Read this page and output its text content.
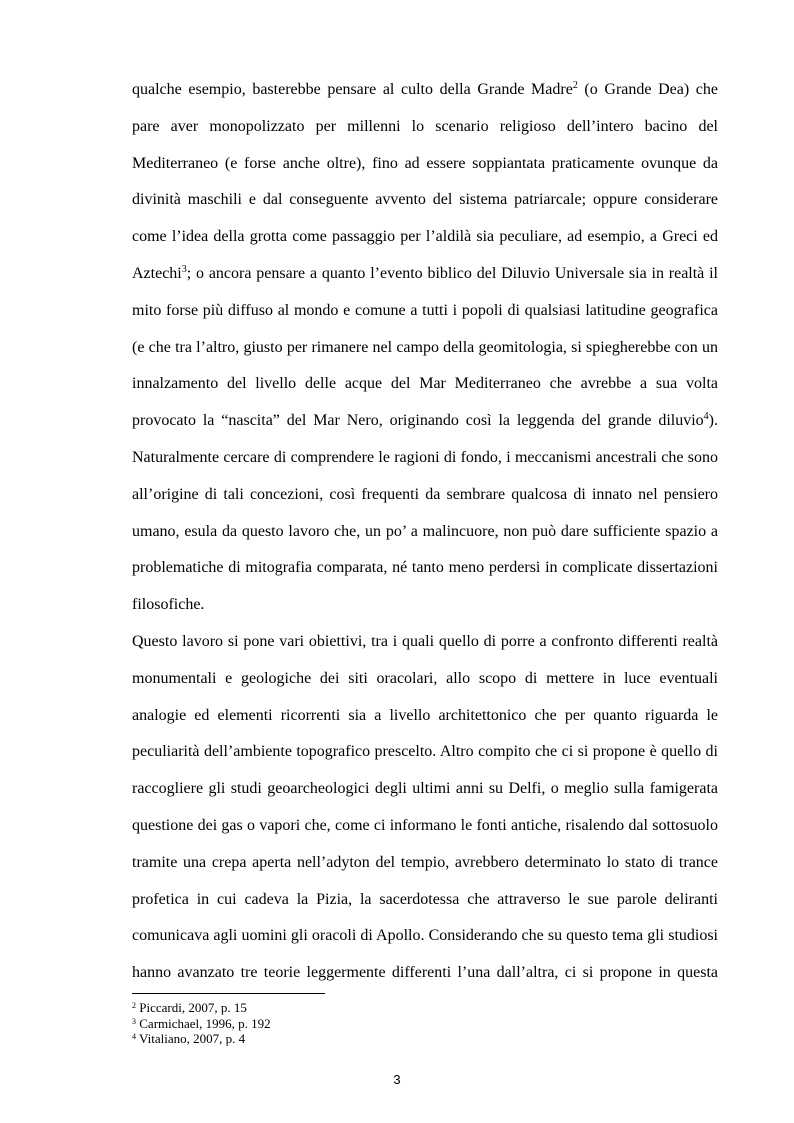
qualche esempio, basterebbe pensare al culto della Grande Madre$^2$ (o Grande Dea) che
pare aver monopolizzato per millenni lo scenario religioso dell’intero bacino del
Mediterraneo (e forse anche oltre), fino ad essere soppiantata praticamente ovunque da
divinità maschili e dal conseguente avvento del sistema patriarcale; oppure considerare
come l’idea della grotta come passaggio per l’aldilà sia peculiare, ad esempio, a Greci ed
Aztechi$^3$; o ancora pensare a quanto l’evento biblico del Diluvio Universale sia in realtà il
mito forse più diffuso al mondo e comune a tutti i popoli di qualsiasi latitudine geografica
(e che tra l’altro, giusto per rimanere nel campo della geomitologia, si spiegherebbe con un
innalzamento del livello delle acque del Mar Mediterraneo che avrebbe a sua volta
provocato la “nascita” del Mar Nero, originando così la leggenda del grande diluvio$^4$).
Naturalmente cercare di comprendere le ragioni di fondo, i meccanismi ancestrali che sono
all’origine di tali concezioni, così frequenti da sembrare qualcosa di innato nel pensiero
umano, esula da questo lavoro che, un po’ a malincuore, non può dare sufficiente spazio a
problematiche di mitografia comparata, né tanto meno perdersi in complicate dissertazioni
filosofiche.
Questo lavoro si pone vari obiettivi, tra i quali quello di porre a confronto differenti realtà
monumentali e geologiche dei siti oracolari, allo scopo di mettere in luce eventuali
analogie ed elementi ricorrenti sia a livello architettonico che per quanto riguarda le
peculiarità dell’ambiente topografico prescelto. Altro compito che ci si propone è quello di
raccogliere gli studi geoarcheologici degli ultimi anni su Delfi, o meglio sulla famigerata
questione dei gas o vapori che, come ci informano le fonti antiche, risalendo dal sottosuolo
tramite una crepa aperta nell’adyton del tempio, avrebbero determinato lo stato di trance
profetica in cui cadeva la Pizia, la sacerdotessa che attraverso le sue parole deliranti
comunicava agli uomini gli oracoli di Apollo. Considerando che su questo tema gli studiosi
hanno avanzato tre teorie leggermente differenti l’una dall’altra, ci si propone in questa
$^2$ Piccardi, 2007, p. 15
$^3$ Carmichael, 1996, p. 192
$^4$ Vitaliano, 2007, p. 4
3
